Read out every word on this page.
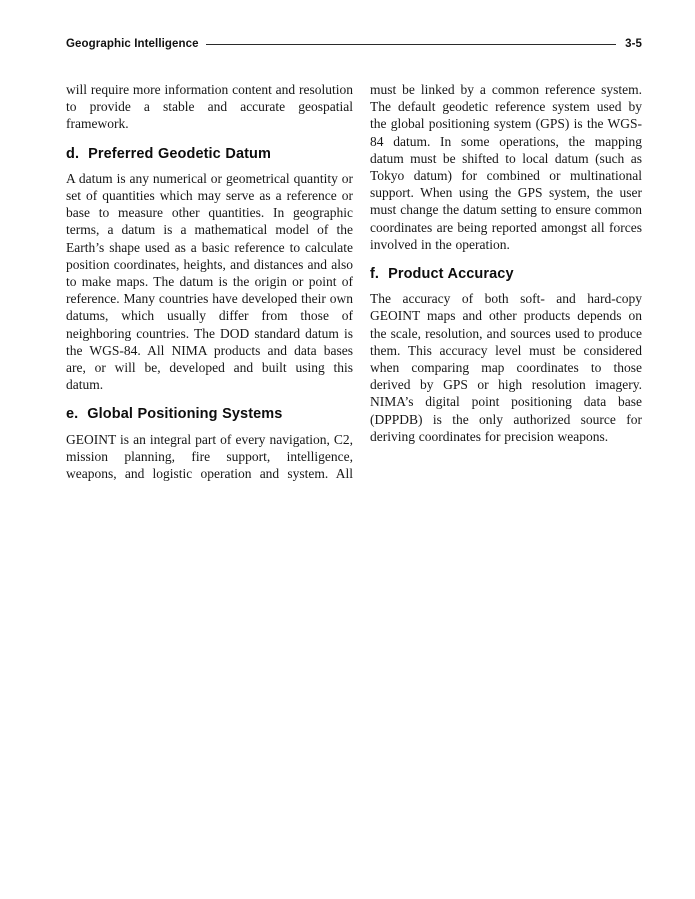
Geographic Intelligence	3-5

will require more information content and resolution to provide a stable and accurate geospatial framework.

d. Preferred Geodetic Datum

A datum is any numerical or geometrical quantity or set of quantities which may serve as a reference or base to measure other quantities. In geographic terms, a datum is a mathematical model of the Earth’s shape used as a basic reference to calculate position coordinates, heights, and distances and also to make maps. The datum is the origin or point of reference. Many countries have developed their own datums, which usually differ from those of neighboring countries. The DOD standard datum is the WGS-84. All NIMA products and data bases are, or will be, developed and built using this datum.

e. Global Positioning Systems

GEOINT is an integral part of every navigation, C2, mission planning, fire support, intelligence, weapons, and logistic operation and system. All

must be linked by a common reference system. The default geodetic reference system used by the global positioning system (GPS) is the WGS-84 datum. In some operations, the mapping datum must be shifted to local datum (such as Tokyo datum) for combined or multinational support. When using the GPS system, the user must change the datum setting to ensure common coordinates are being reported amongst all forces involved in the operation.

f. Product Accuracy

The accuracy of both soft- and hard-copy GEOINT maps and other products depends on the scale, resolution, and sources used to produce them. This accuracy level must be considered when comparing map coordinates to those derived by GPS or high resolution imagery. NIMA’s digital point positioning data base (DPPDB) is the only authorized source for deriving coordinates for precision weapons.
